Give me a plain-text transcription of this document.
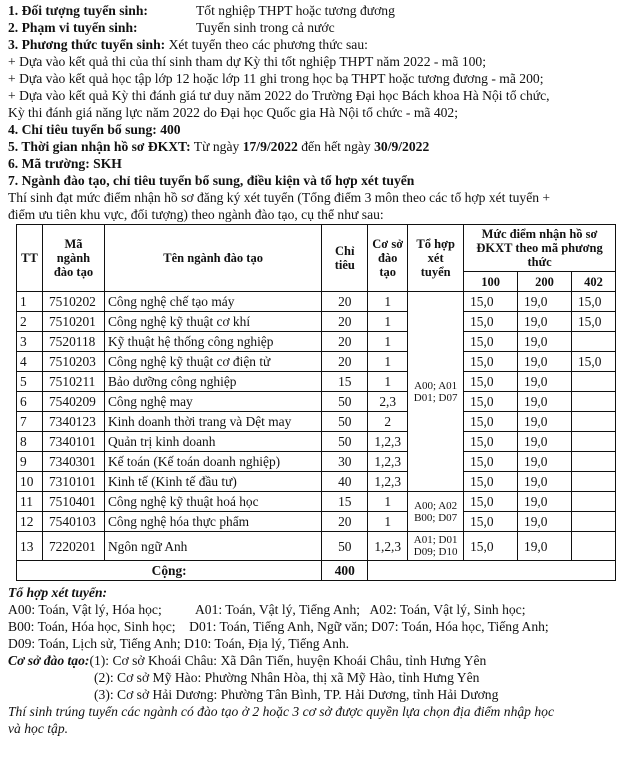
1. Đối tượng tuyển sinh:	Tốt nghiệp THPT hoặc tương đương

2. Phạm vi tuyển sinh:	Tuyển sinh trong cả nước

3. Phương thức tuyển sinh: Xét tuyển theo các phương thức sau:

+ Dựa vào kết quả thi của thí sinh tham dự Kỳ thi tốt nghiệp THPT năm 2022 - mã 100;

+ Dựa vào kết quả học tập lớp 12 hoặc lớp 11 ghi trong học bạ THPT hoặc tương đương - mã 200;

+ Dựa vào kết quả Kỳ thi đánh giá tư duy năm 2022 do Trường Đại học Bách khoa Hà Nội tổ chức,

Kỳ thi đánh giá năng lực năm 2022 do Đại học Quốc gia Hà Nội tổ chức - mã 402;

4. Chỉ tiêu tuyển bổ sung: 400

5. Thời gian nhận hồ sơ ĐKXT: Từ ngày 17/9/2022 đến hết ngày 30/9/2022

6. Mã trường: SKH

7. Ngành đào tạo, chỉ tiêu tuyển bổ sung, điều kiện và tổ hợp xét tuyển

Thí sinh đạt mức điểm nhận hồ sơ đăng ký xét tuyển (Tổng điểm 3 môn theo các tổ hợp xét tuyển +

điểm ưu tiên khu vực, đối tượng) theo ngành đào tạo, cụ thể như sau:

TT	Mã ngành đào tạo	Tên ngành đào tạo	Chỉ tiêu	Cơ sở đào tạo	Tổ hợp xét tuyển	Mức điểm nhận hồ sơ ĐKXT theo mã phương thức		
						100	200	402
1	7510202	Công nghệ chế tạo máy	20	1	A00; A01 D01; D07	15,0	19,0	15,0
2	7510201	Công nghệ kỹ thuật cơ khí	20	1		15,0	19,0	15,0
3	7520118	Kỹ thuật hệ thống công nghiệp	20	1		15,0	19,0	
4	7510203	Công nghệ kỹ thuật cơ điện tử	20	1		15,0	19,0	15,0
5	7510211	Bảo dưỡng công nghiệp	15	1		15,0	19,0	
6	7540209	Công nghệ may	50	2,3		15,0	19,0	
7	7340123	Kinh doanh thời trang và Dệt may	50	2		15,0	19,0	
8	7340101	Quản trị kinh doanh	50	1,2,3		15,0	19,0	
9	7340301	Kế toán (Kế toán doanh nghiệp)	30	1,2,3		15,0	19,0	
10	7310101	Kinh tế (Kinh tế đầu tư)	40	1,2,3		15,0	19,0	
11	7510401	Công nghệ kỹ thuật hoá học	15	1	A00; A02 B00; D07	15,0	19,0	
12	7540103	Công nghệ hóa thực phẩm	20	1		15,0	19,0	
13	7220201	Ngôn ngữ Anh	50	1,2,3	A01; D01 D09; D10	15,0	19,0	
Cộng:			400					

Tổ hợp xét tuyển:

A00: Toán, Vật lý, Hóa học;          A01: Toán, Vật lý, Tiếng Anh;   A02: Toán, Vật lý, Sinh học;

B00: Toán, Hóa học, Sinh học;    D01: Toán, Tiếng Anh, Ngữ văn; D07: Toán, Hóa học, Tiếng Anh;

D09: Toán, Lịch sử, Tiếng Anh; D10: Toán, Địa lý, Tiếng Anh.

Cơ sở đào tạo:(1): Cơ sở Khoái Châu: Xã Dân Tiến, huyện Khoái Châu, tỉnh Hưng Yên

(2): Cơ sở Mỹ Hào: Phường Nhân Hòa, thị xã Mỹ Hào, tỉnh Hưng Yên

(3): Cơ sở Hải Dương: Phường Tân Bình, TP. Hải Dương, tỉnh Hải Dương

Thí sinh trúng tuyển các ngành có đào tạo ở 2 hoặc 3 cơ sở được quyền lựa chọn địa điểm nhập học

và học tập.
